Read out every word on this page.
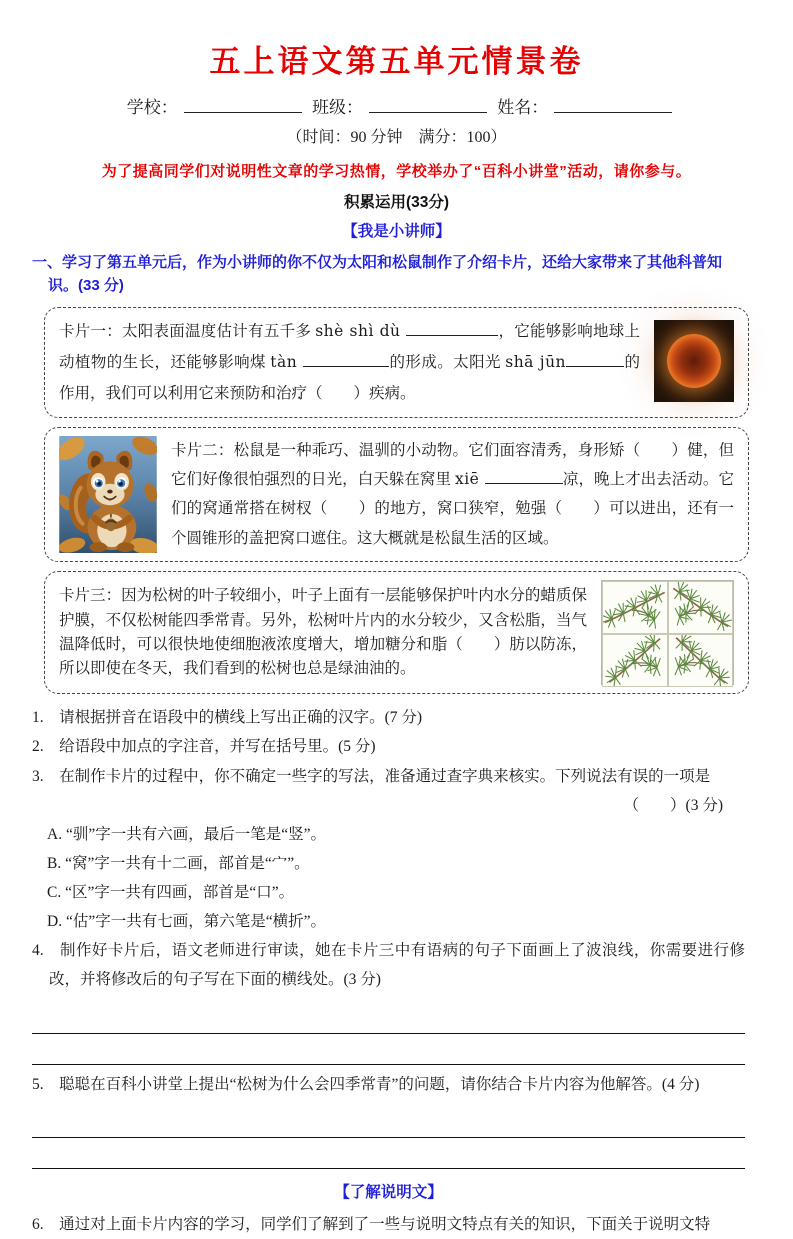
五上语文第五单元情景卷
学校：	班级：	姓名：
（时间：90 分钟　满分：100）
为了提高同学们对说明性文章的学习热情，学校举办了“百科小讲堂”活动，请你参与。
积累运用(33分)
【我是小讲师】
一、学习了第五单元后，作为小讲师的你不仅为太阳和松鼠制作了介绍卡片，还给大家带来了其他科普知识。(33 分)
卡片一：太阳表面温度估计有五千多 shè shì dù	，它能够影响地球上动植物的生长，还能够影响煤 tàn	的形成。太阳光 shā jūn	的作用，我们可以利用它来预防和治疗（　　）疾病。
卡片二：松鼠是一种乖巧、温驯的小动物。它们面容清秀，身形矫（　　）健，但它们好像很怕强烈的日光，白天躲在窝里 xiē	凉，晚上才出去活动。它们的窝通常搭在树杈（　　）的地方，窝口狭窄，勉强（　　）可以进出，还有一个圆锥形的盖把窝口遮住。这大概就是松鼠生活的区域。
卡片三：因为松树的叶子较细小，叶子上面有一层能够保护叶内水分的蜡质保护膜，不仅松树能四季常青。另外，松树叶片内的水分较少，又含松脂，当气温降低时，可以很快地使细胞液浓度增大，增加糖分和脂（　　）肪以防冻，所以即使在冬天，我们看到的松树也总是绿油油的。
1.　 请根据拼音在语段中的横线上写出正确的汉字。(7 分)
2.　 给语段中加点的字注音，并写在括号里。(5 分)
3.　 在制作卡片的过程中，你不确定一些字的写法，准备通过查字典来核实。下列说法有误的一项是
（　　）(3 分)
A. “驯”字一共有六画，最后一笔是“竖”。
B. “窝”字一共有十二画，部首是“宀”。
C. “区”字一共有四画，部首是“口”。
D. “估”字一共有七画，第六笔是“横折”。
4.　 制作好卡片后，语文老师进行审读，她在卡片三中有语病的句子下面画上了波浪线，你需要进行修改，并将修改后的句子写在下面的横线处。(3 分)
5.　 聪聪在百科小讲堂上提出“松树为什么会四季常青”的问题，请你结合卡片内容为他解答。(4 分)
【了解说明文】
6.　 通过对上面卡片内容的学习，同学们了解到了一些与说明文特点有关的知识，下面关于说明文特
